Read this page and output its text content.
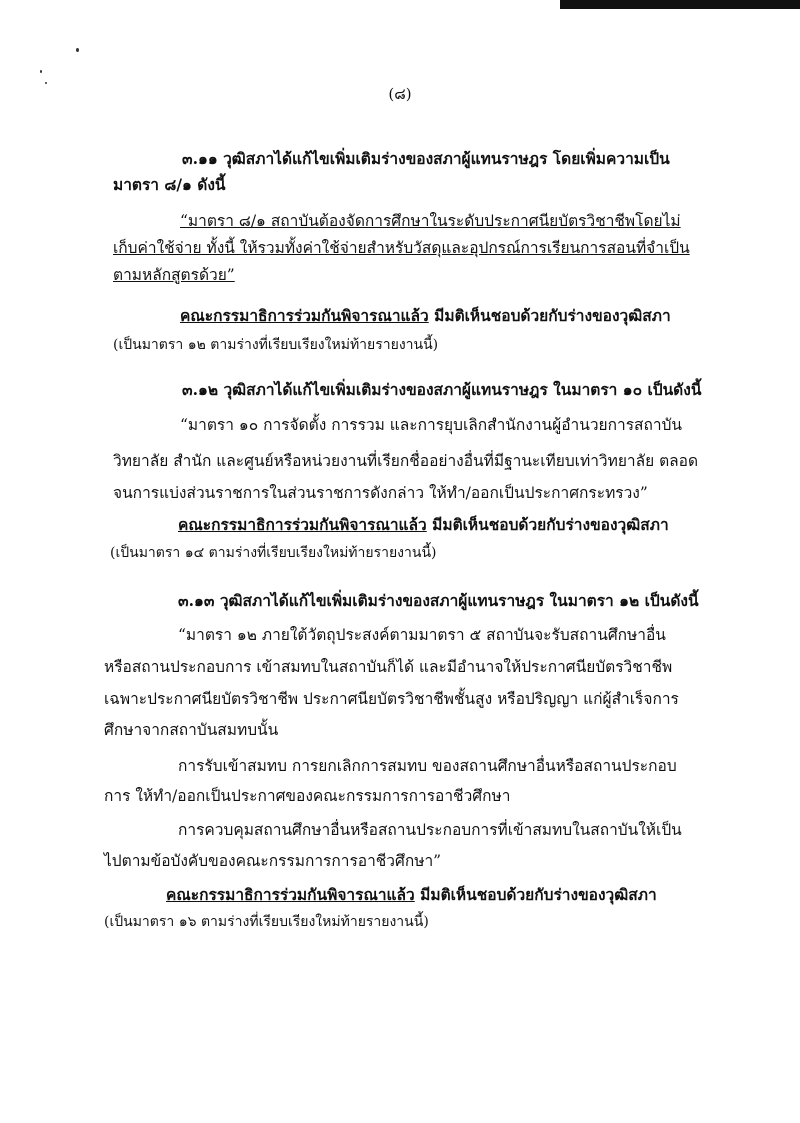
(๘)
๓.๑๑ วุฒิสภาได้แก้ไขเพิ่มเติมร่างของสภาผู้แทนราษฎร โดยเพิ่มความเป็น
มาตรา ๘/๑ ดังนี้
“มาตรา ๘/๑ สถาบันต้องจัดการศึกษาในระดับประกาศนียบัตรวิชาชีพโดยไม่
เก็บค่าใช้จ่าย ทั้งนี้ ให้รวมทั้งค่าใช้จ่ายสำหรับวัสดุและอุปกรณ์การเรียนการสอนที่จำเป็น
ตามหลักสูตรด้วย”
คณะกรรมาธิการร่วมกันพิจารณาแล้ว มีมติเห็นชอบด้วยกับร่างของวุฒิสภา
(เป็นมาตรา ๑๒ ตามร่างที่เรียบเรียงใหม่ท้ายรายงานนี้)
๓.๑๒ วุฒิสภาได้แก้ไขเพิ่มเติมร่างของสภาผู้แทนราษฎร ในมาตรา ๑๐ เป็นดังนี้
“มาตรา ๑๐ การจัดตั้ง การรวม และการยุบเลิกสำนักงานผู้อำนวยการสถาบัน
วิทยาลัย สำนัก และศูนย์หรือหน่วยงานที่เรียกชื่ออย่างอื่นที่มีฐานะเทียบเท่าวิทยาลัย ตลอด
จนการแบ่งส่วนราชการในส่วนราชการดังกล่าว ให้ทำ/ออกเป็นประกาศกระทรวง”
คณะกรรมาธิการร่วมกันพิจารณาแล้ว มีมติเห็นชอบด้วยกับร่างของวุฒิสภา
(เป็นมาตรา ๑๔ ตามร่างที่เรียบเรียงใหม่ท้ายรายงานนี้)
๓.๑๓ วุฒิสภาได้แก้ไขเพิ่มเติมร่างของสภาผู้แทนราษฎร ในมาตรา ๑๒ เป็นดังนี้
“มาตรา ๑๒ ภายใต้วัตถุประสงค์ตามมาตรา ๕ สถาบันจะรับสถานศึกษาอื่น
หรือสถานประกอบการ เข้าสมทบในสถาบันก็ได้ และมีอำนาจให้ประกาศนียบัตรวิชาชีพ
เฉพาะประกาศนียบัตรวิชาชีพ ประกาศนียบัตรวิชาชีพชั้นสูง หรือปริญญา แก่ผู้สำเร็จการ
ศึกษาจากสถาบันสมทบนั้น
การรับเข้าสมทบ การยกเลิกการสมทบ ของสถานศึกษาอื่นหรือสถานประกอบ
การ ให้ทำ/ออกเป็นประกาศของคณะกรรมการการอาชีวศึกษา
การควบคุมสถานศึกษาอื่นหรือสถานประกอบการที่เข้าสมทบในสถาบันให้เป็น
ไปตามข้อบังคับของคณะกรรมการการอาชีวศึกษา”
คณะกรรมาธิการร่วมกันพิจารณาแล้ว มีมติเห็นชอบด้วยกับร่างของวุฒิสภา
(เป็นมาตรา ๑๖ ตามร่างที่เรียบเรียงใหม่ท้ายรายงานนี้)
